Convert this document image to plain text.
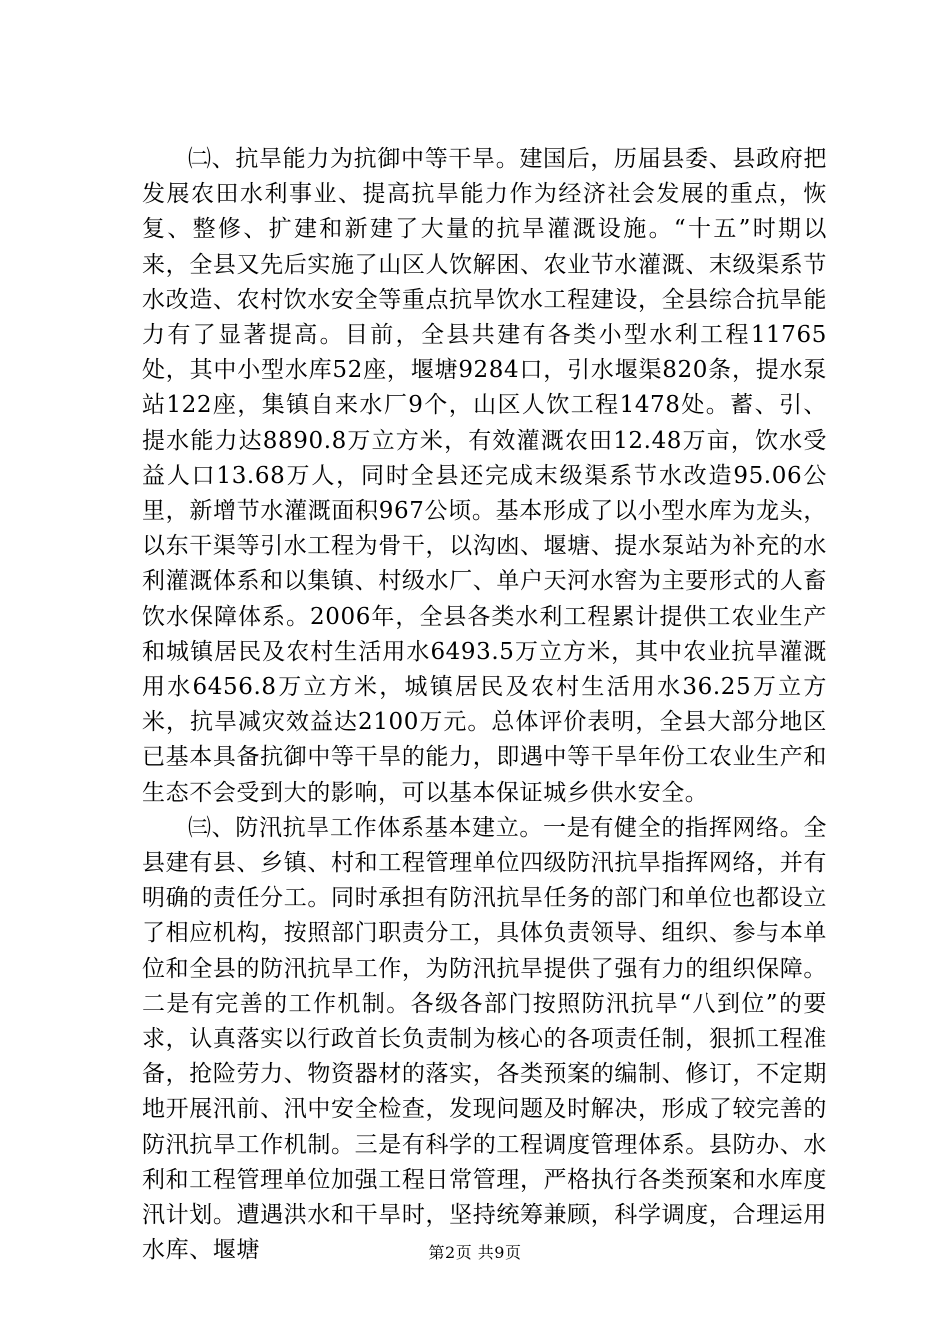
㈡、抗旱能力为抗御中等干旱。建国后，历届县委、县政府把发展农田水利事业、提高抗旱能力作为经济社会发展的重点，恢复、整修、扩建和新建了大量的抗旱灌溉设施。“十五”时期以来，全县又先后实施了山区人饮解困、农业节水灌溉、末级渠系节水改造、农村饮水安全等重点抗旱饮水工程建设，全县综合抗旱能力有了显著提高。目前，全县共建有各类小型水利工程11765处，其中小型水库52座，堰塘9284口，引水堰渠820条，提水泵站122座，集镇自来水厂9个，山区人饮工程1478处。蓄、引、提水能力达8890.8万立方米，有效灌溉农田12.48万亩，饮水受益人口13.68万人，同时全县还完成末级渠系节水改造95.06公里，新增节水灌溉面积967公顷。基本形成了以小型水库为龙头，以东干渠等引水工程为骨干，以沟凼、堰塘、提水泵站为补充的水利灌溉体系和以集镇、村级水厂、单户天河水窖为主要形式的人畜饮水保障体系。2006年，全县各类水利工程累计提供工农业生产和城镇居民及农村生活用水6493.5万立方米，其中农业抗旱灌溉用水6456.8万立方米，城镇居民及农村生活用水36.25万立方米，抗旱减灾效益达2100万元。总体评价表明，全县大部分地区已基本具备抗御中等干旱的能力，即遇中等干旱年份工农业生产和生态不会受到大的影响，可以基本保证城乡供水安全。

㈢、防汛抗旱工作体系基本建立。一是有健全的指挥网络。全县建有县、乡镇、村和工程管理单位四级防汛抗旱指挥网络，并有明确的责任分工。同时承担有防汛抗旱任务的部门和单位也都设立了相应机构，按照部门职责分工，具体负责领导、组织、参与本单位和全县的防汛抗旱工作，为防汛抗旱提供了强有力的组织保障。二是有完善的工作机制。各级各部门按照防汛抗旱“八到位”的要求，认真落实以行政首长负责制为核心的各项责任制，狠抓工程准备，抢险劳力、物资器材的落实，各类预案的编制、修订，不定期地开展汛前、汛中安全检查，发现问题及时解决，形成了较完善的防汛抗旱工作机制。三是有科学的工程调度管理体系。县防办、水利和工程管理单位加强工程日常管理，严格执行各类预案和水库度汛计划。遭遇洪水和干旱时，坚持统筹兼顾，科学调度，合理运用水库、堰塘	第2页 共9页
